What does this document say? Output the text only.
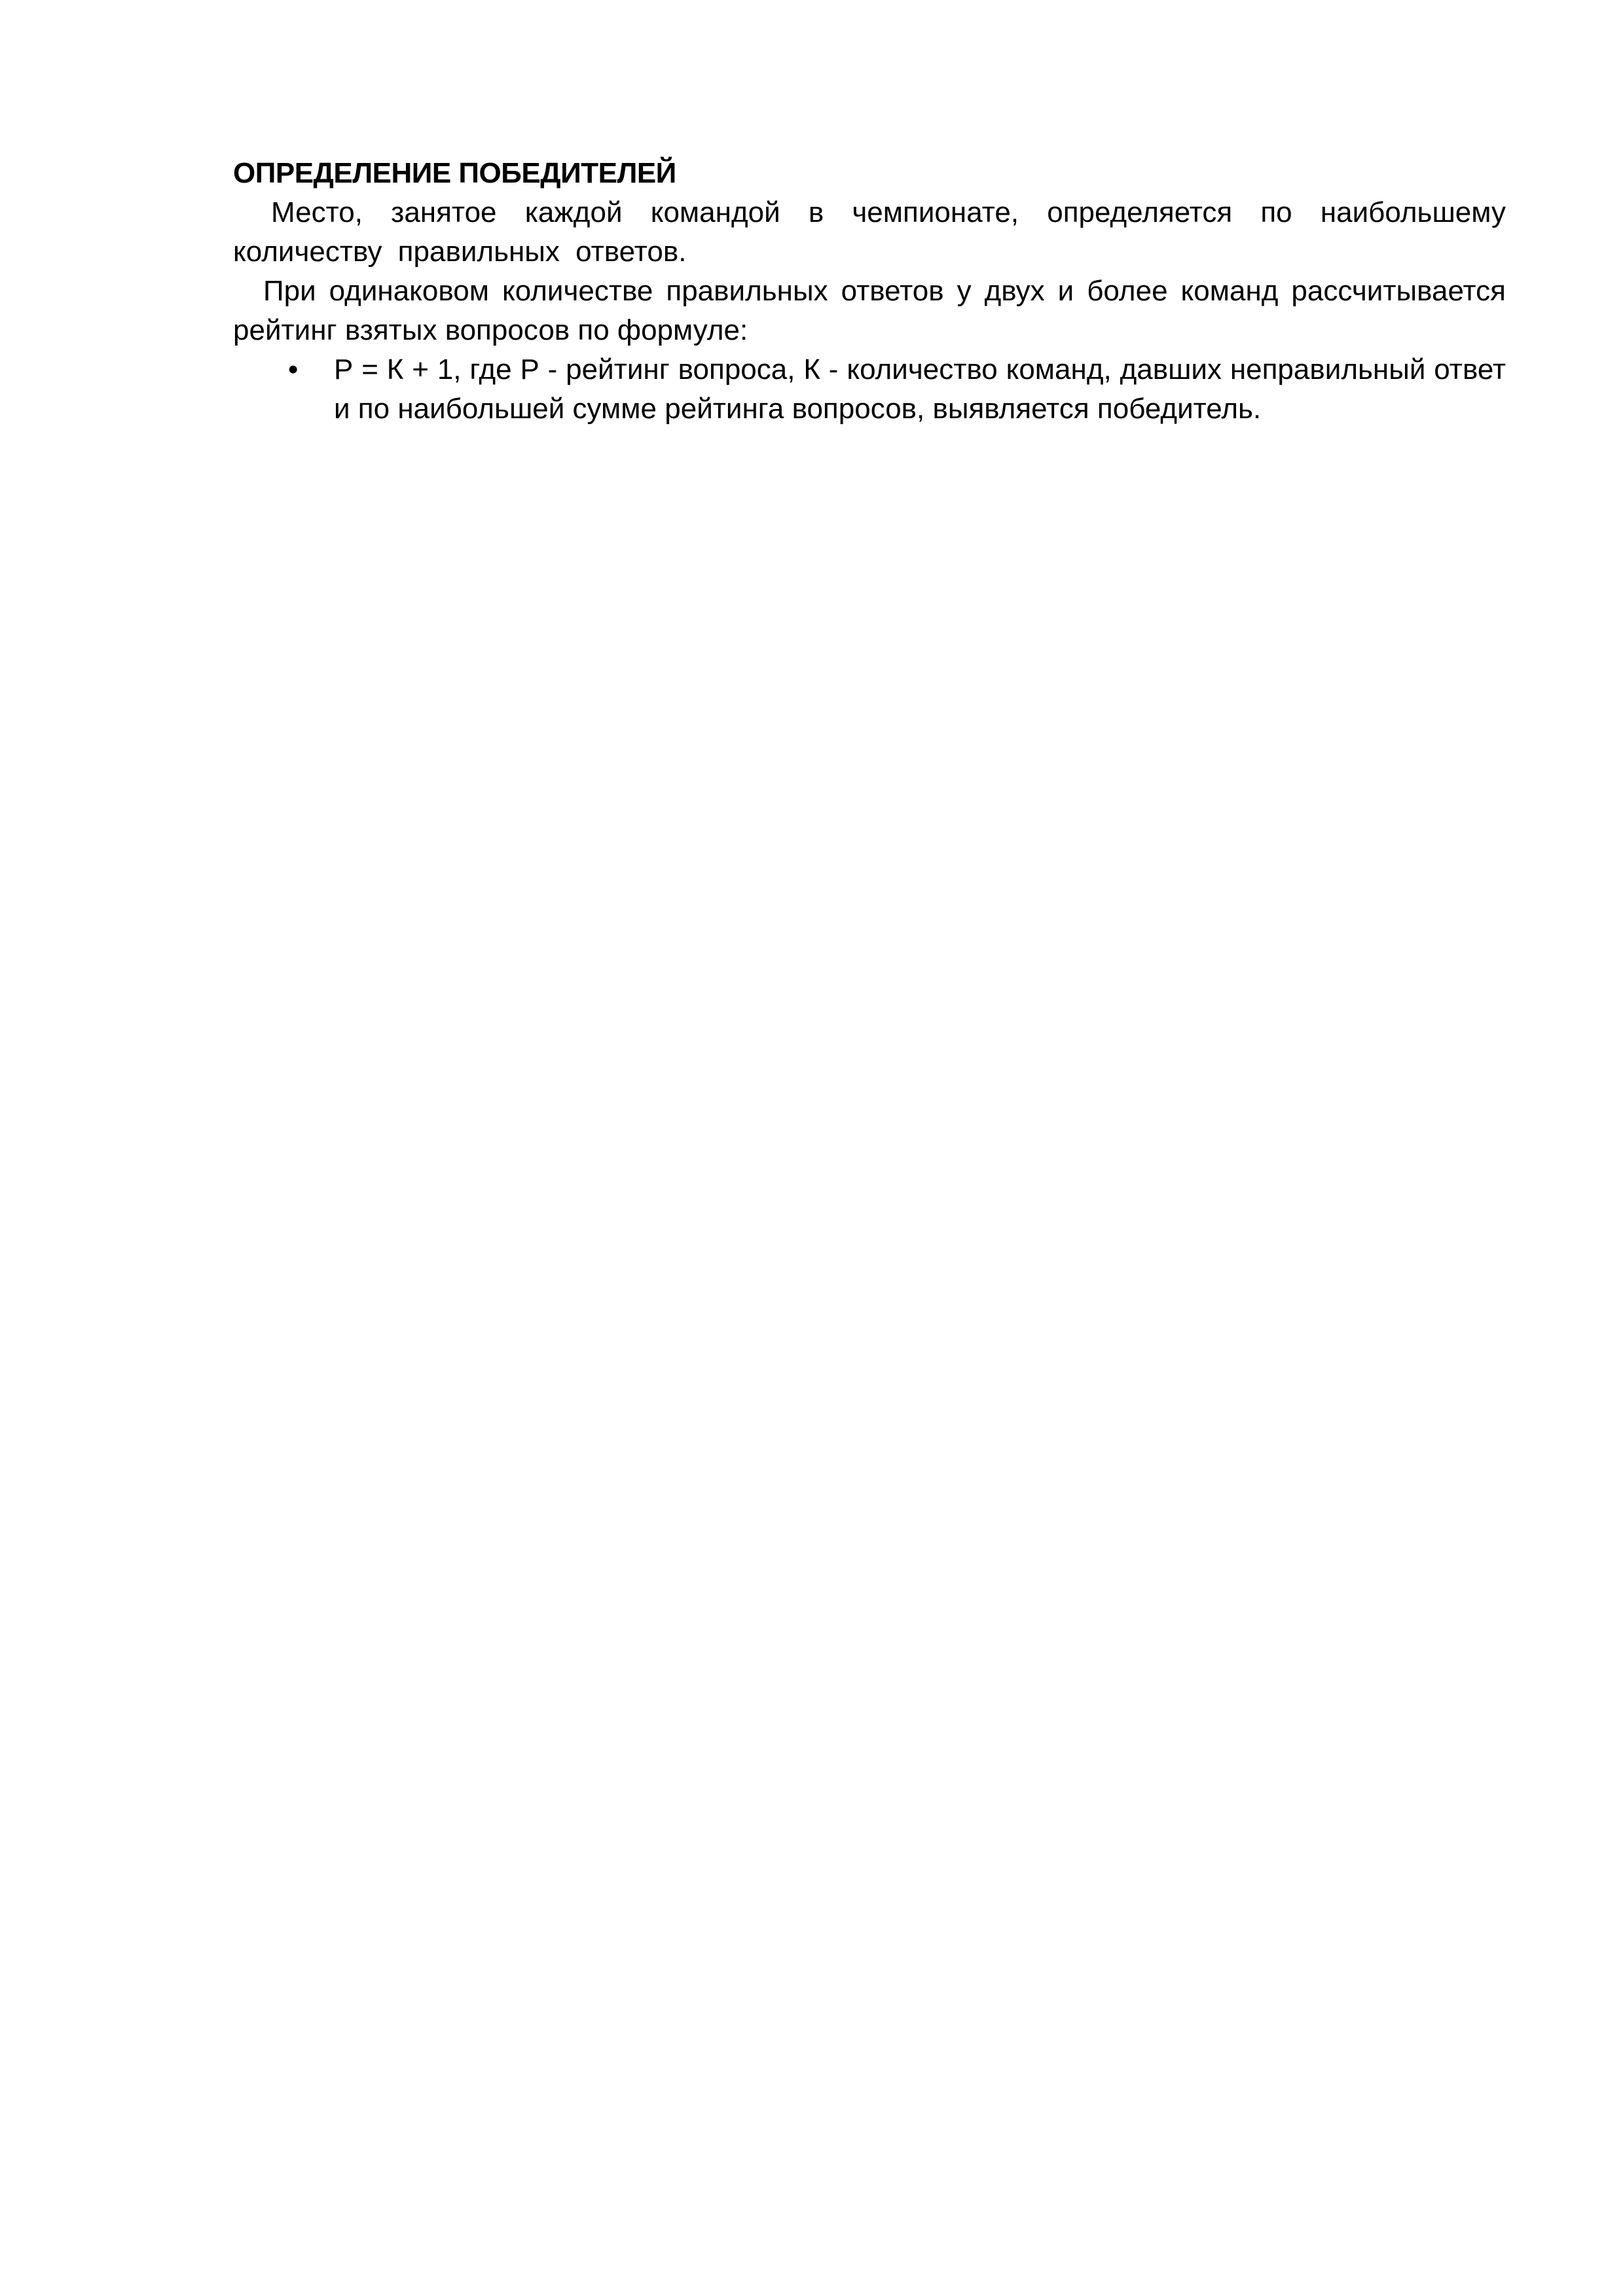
ОПРЕДЕЛЕНИЕ ПОБЕДИТЕЛЕЙ

Место, занятое каждой командой в чемпионате, определяется по наибольшему количеству правильных ответов.

При одинаковом количестве правильных ответов у двух и более команд рассчитывается рейтинг взятых вопросов по формуле:

•	Р = К + 1, где Р - рейтинг вопроса, К - количество команд, давших неправильный ответ и по наибольшей сумме рейтинга вопросов, выявляется победитель.
